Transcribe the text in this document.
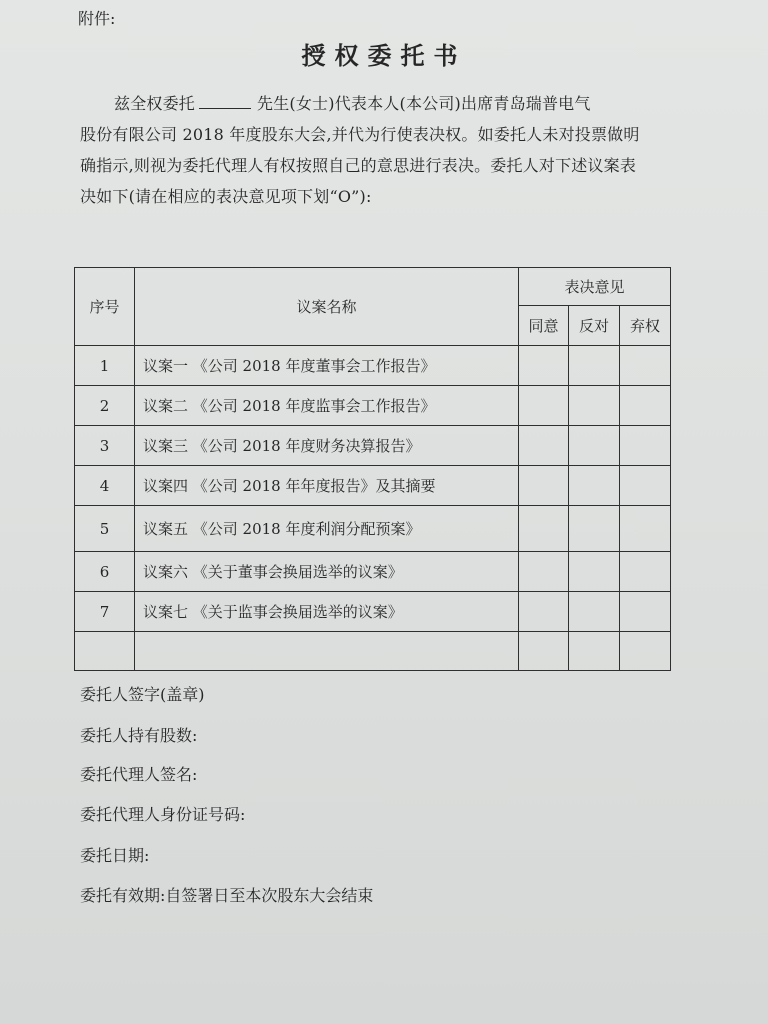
附件:
授权委托书
兹全权委托	先生(女士)代表本人(本公司)出席青岛瑞普电气
股份有限公司 2018 年度股东大会,并代为行使表决权。如委托人未对投票做明
确指示,则视为委托代理人有权按照自己的意思进行表决。委托人对下述议案表
决如下(请在相应的表决意见项下划“O”):
序号	议案名称	表决意见		
		同意	反对	弃权
1	议案一 《公司 2018 年度董事会工作报告》			
2	议案二 《公司 2018 年度监事会工作报告》			
3	议案三 《公司 2018 年度财务决算报告》			
4	议案四 《公司 2018 年年度报告》及其摘要			
5	议案五 《公司 2018 年度利润分配预案》			
6	议案六 《关于董事会换届选举的议案》			
7	议案七 《关于监事会换届选举的议案》			

委托人签字(盖章)
委托人持有股数:
委托代理人签名:
委托代理人身份证号码:
委托日期:
委托有效期:自签署日至本次股东大会结束
